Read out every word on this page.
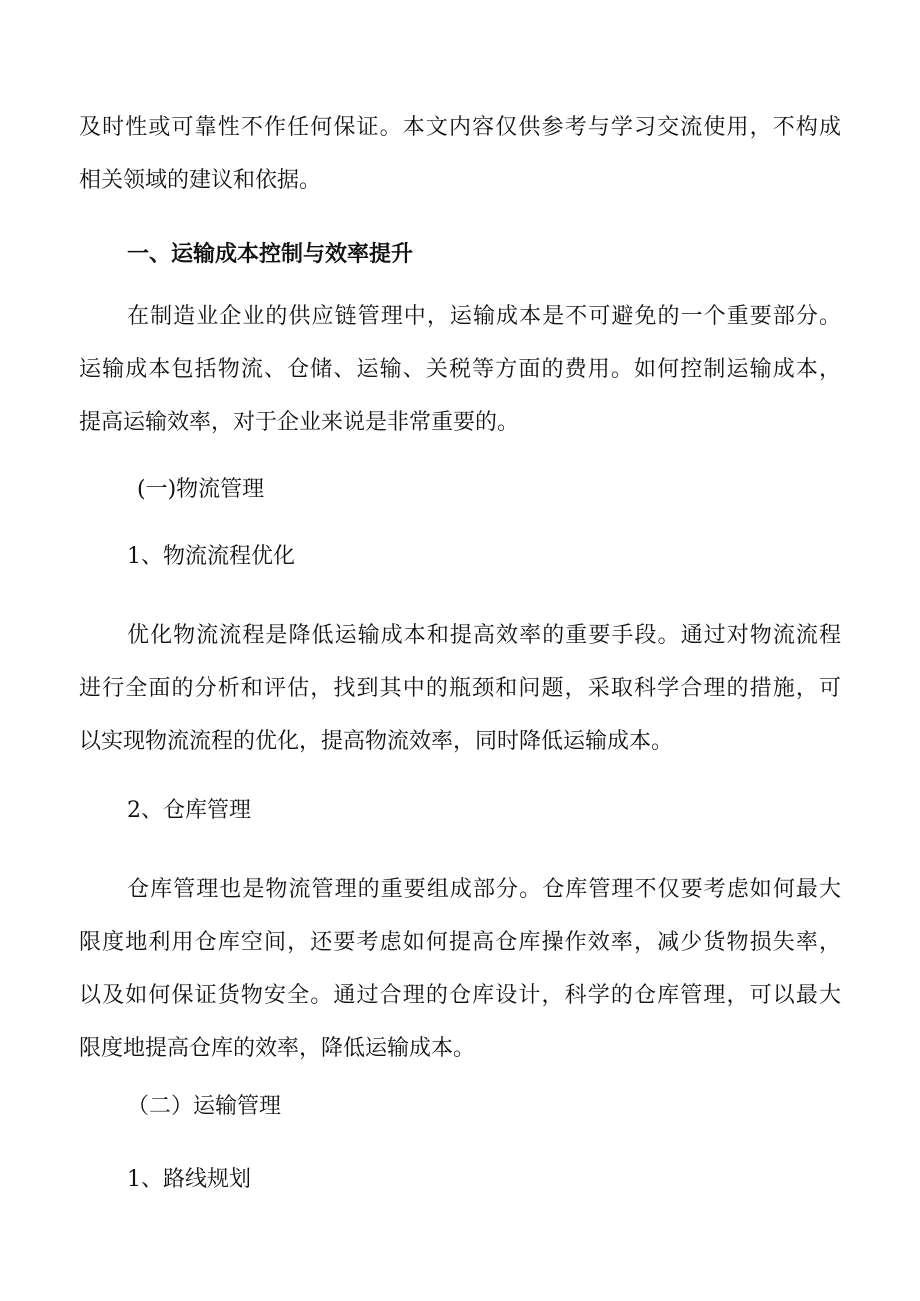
及时性或可靠性不作任何保证。本文内容仅供参考与学习交流使用，不构成
相关领域的建议和依据。
一、运输成本控制与效率提升
在制造业企业的供应链管理中，运输成本是不可避免的一个重要部分。
运输成本包括物流、仓储、运输、关税等方面的费用。如何控制运输成本，
提高运输效率，对于企业来说是非常重要的。
(一)物流管理
1、物流流程优化
优化物流流程是降低运输成本和提高效率的重要手段。通过对物流流程
进行全面的分析和评估，找到其中的瓶颈和问题，采取科学合理的措施，可
以实现物流流程的优化，提高物流效率，同时降低运输成本。
2、仓库管理
仓库管理也是物流管理的重要组成部分。仓库管理不仅要考虑如何最大
限度地利用仓库空间，还要考虑如何提高仓库操作效率，减少货物损失率，
以及如何保证货物安全。通过合理的仓库设计，科学的仓库管理，可以最大
限度地提高仓库的效率，降低运输成本。
（二）运输管理
1、路线规划
